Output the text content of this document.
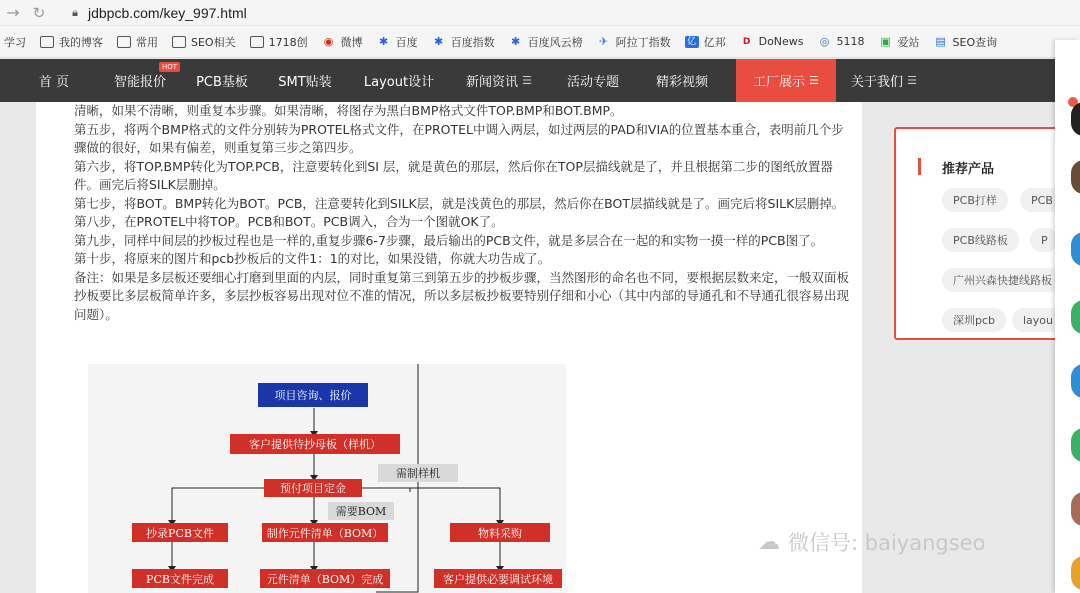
→ ↻	🔒︎ jdbpcb.com/key_997.html
学习	我的博客	常用	SEO相关	1718创 ◉ 微博 ✱ 百度 ✱ 百度指数 ✱ 百度风云榜 ✈ 阿拉丁指数 亿 亿邦	D DoNews ◎ 5118 ▣ 爱站 ▤ SEO查询
首 页	智能报价
HOT
PCB基板 SMT贴装 Layout设计 新闻资讯 ☰	活动专题	精彩视频	工厂展示 ☰ 关于我们 ☰

清晰，如果不清晰，则重复本步骤。如果清晰，将图存为黑白BMP格式文件TOP.BMP和BOT.BMP。

第五步，将两个BMP格式的文件分别转为PROTEL格式文件，在PROTEL中调入两层，如过两层的PAD和VIA的位置基本重合，表明前几个步骤做的很好，如果有偏差，则重复第三步之第四步。

第六步，将TOP.BMP转化为TOP.PCB，注意要转化到SI 层，就是黄色的那层，然后你在TOP层描线就是了，并且根据第二步的图纸放置器件。画完后将SILK层删掉。

第七步，将BOT。BMP转化为BOT。PCB，注意要转化到SILK层，就是浅黄色的那层，然后你在BOT层描线就是了。画完后将SILK层删掉。

第八步，在PROTEL中将TOP。PCB和BOT。PCB调入，合为一个图就OK了。

第九步，同样中间层的抄板过程也是一样的,重复步骤6-7步骤，最后输出的PCB文件，就是多层合在一起的和实物一摸一样的PCB图了。

第十步，将原来的图片和pcb抄板后的文件1：1的对比，如果没错，你就大功告成了。

备注：如果是多层板还要细心打磨到里面的内层，同时重复第三到第五步的抄板步骤，当然图形的命名也不同，要根据层数来定，一般双面板抄板要比多层板简单许多，多层抄板容易出现对位不准的情况，所以多层板抄板要特别仔细和小心（其中内部的导通孔和不导通孔很容易出现问题）。

项目咨询、报价
客户提供待抄母板（样机）
需制样机
预付项目定金
需要BOM
抄录PCB文件	制作元件清单（BOM）	物料采购
PCB文件完成	元件清单（BOM）完成	客户提供必要调试环境
推荐产品
PCB打样	PCB
PCB线路板	P
广州兴森快捷线路板
深圳pcb	layou
☁ 微信号: baiyangseo
